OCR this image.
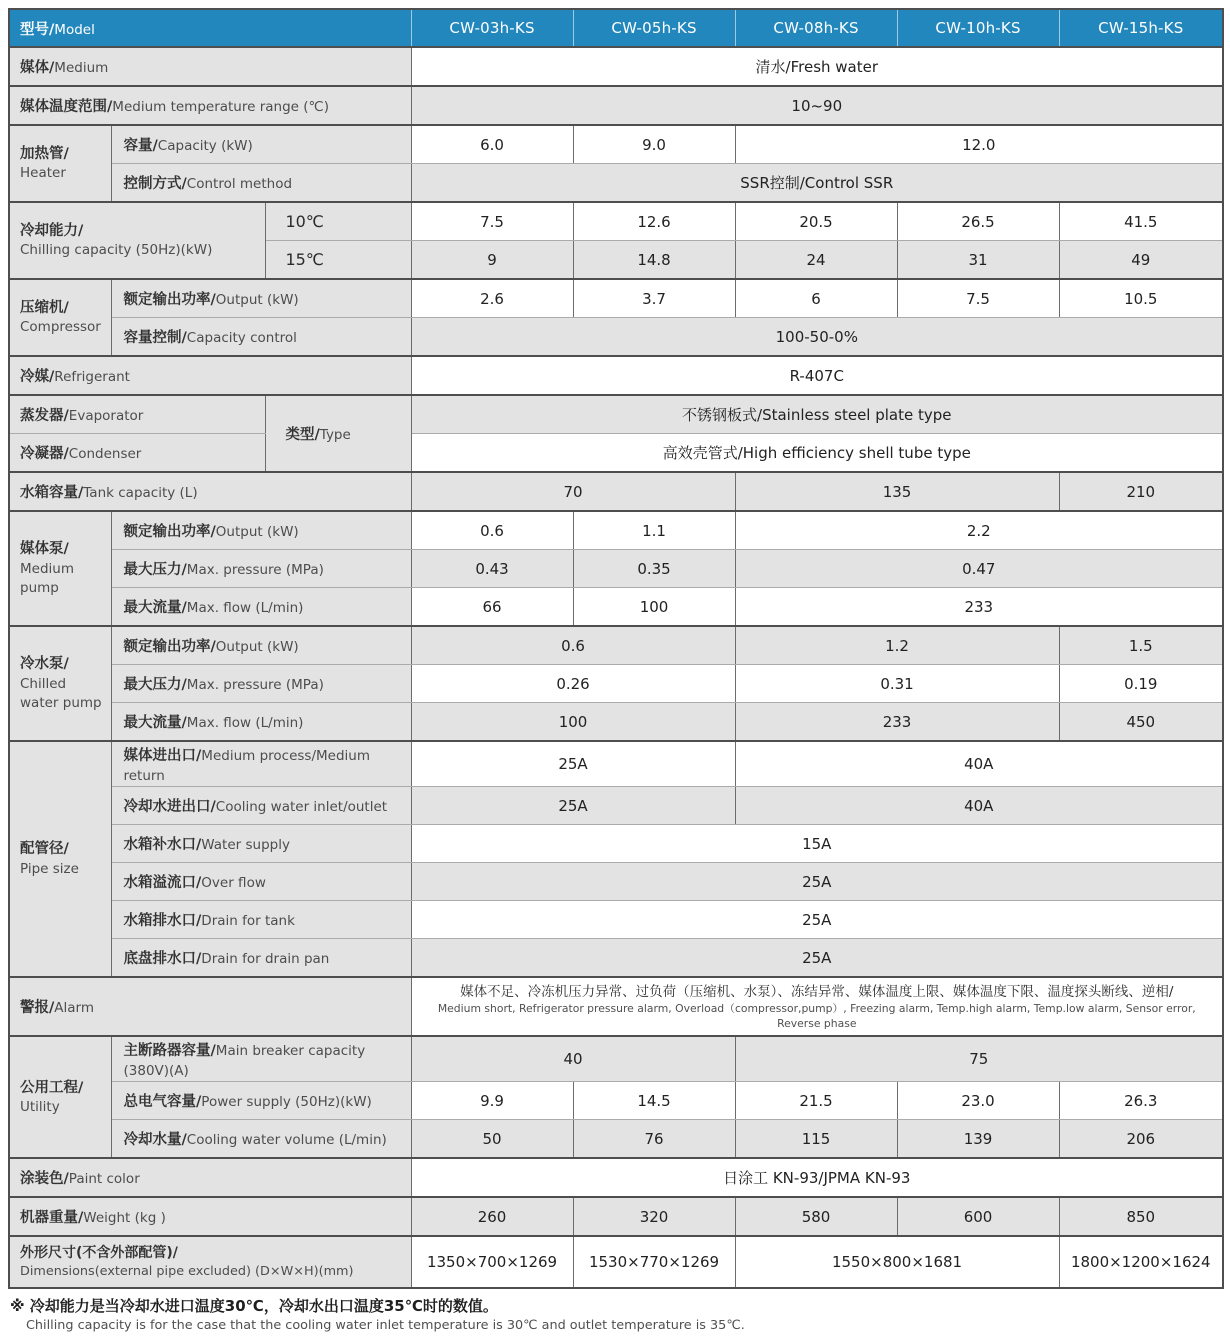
型号/Model			CW-03h-KS	CW-05h-KS	CW-08h-KS	CW-10h-KS	CW-15h-KS
媒体/Medium			清水/Fresh water				
媒体温度范围/Medium temperature range (℃)			10~90				

加热管/
Heater	容量/Capacity (kW)		6.0	9.0	12.0		
	控制方式/Control method		SSR控制/Control SSR				

冷却能力/
Chilling capacity (50Hz)(kW)		10℃	7.5	12.6	20.5	26.5	41.5
		15℃	9	14.8	24	31	49

压缩机/
Compressor	额定输出功率/Output (kW)		2.6	3.7	6	7.5	10.5
	容量控制/Capacity control		100-50-0%				
冷媒/Refrigerant			R-407C				
蒸发器/Evaporator		类型/Type	不锈钢板式/Stainless steel plate type				
冷凝器/Condenser			高效壳管式/High efficiency shell tube type				
水箱容量/Tank capacity (L)			70		135		210

媒体泵/
Medium pump	额定输出功率/Output (kW)		0.6	1.1	2.2		
	最大压力/Max. pressure (MPa)		0.43	0.35	0.47		
	最大流量/Max. flow (L/min)		66	100	233		

冷水泵/
Chilled water pump	额定输出功率/Output (kW)		0.6		1.2		1.5
	最大压力/Max. pressure (MPa)		0.26		0.31		0.19
	最大流量/Max. flow (L/min)		100		233		450

配管径/
Pipe size	媒体进出口/Medium process/Medium return		25A		40A		
	冷却水进出口/Cooling water inlet/outlet		25A		40A		
	水箱补水口/Water supply		15A				
	水箱溢流口/Over flow		25A				
	水箱排水口/Drain for tank		25A				
	底盘排水口/Drain for drain pan		25A				
警报/Alarm			媒体不足、冷冻机压力异常、过负荷（压缩机、水泵）、冻结异常、媒体温度上限、媒体温度下限、温度探头断线、逆相/
Medium short, Refrigerator pressure alarm, Overload（compressor,pump）, Freezing alarm, Temp.high alarm, Temp.low alarm, Sensor error, Reverse phase				

公用工程/
Utility	主断路器容量/Main breaker capacity (380V)(A)		40		75		
	总电气容量/Power supply (50Hz)(kW)		9.9	14.5	21.5	23.0	26.3
	冷却水量/Cooling water volume (L/min)		50	76	115	139	206
涂装色/Paint color			日涂工 KN-93/JPMA KN-93				
机器重量/Weight (kg )			260	320	580	600	850

外形尺寸(不含外部配管)/
Dimensions(external pipe excluded) (D×W×H)(mm)			1350×700×1269	1530×770×1269	1550×800×1681		1800×1200×1624
※ 冷却能力是当冷却水进口温度30℃，冷却水出口温度35℃时的数值。
Chilling capacity is for the case that the cooling water inlet temperature is 30℃ and outlet temperature is 35℃.
